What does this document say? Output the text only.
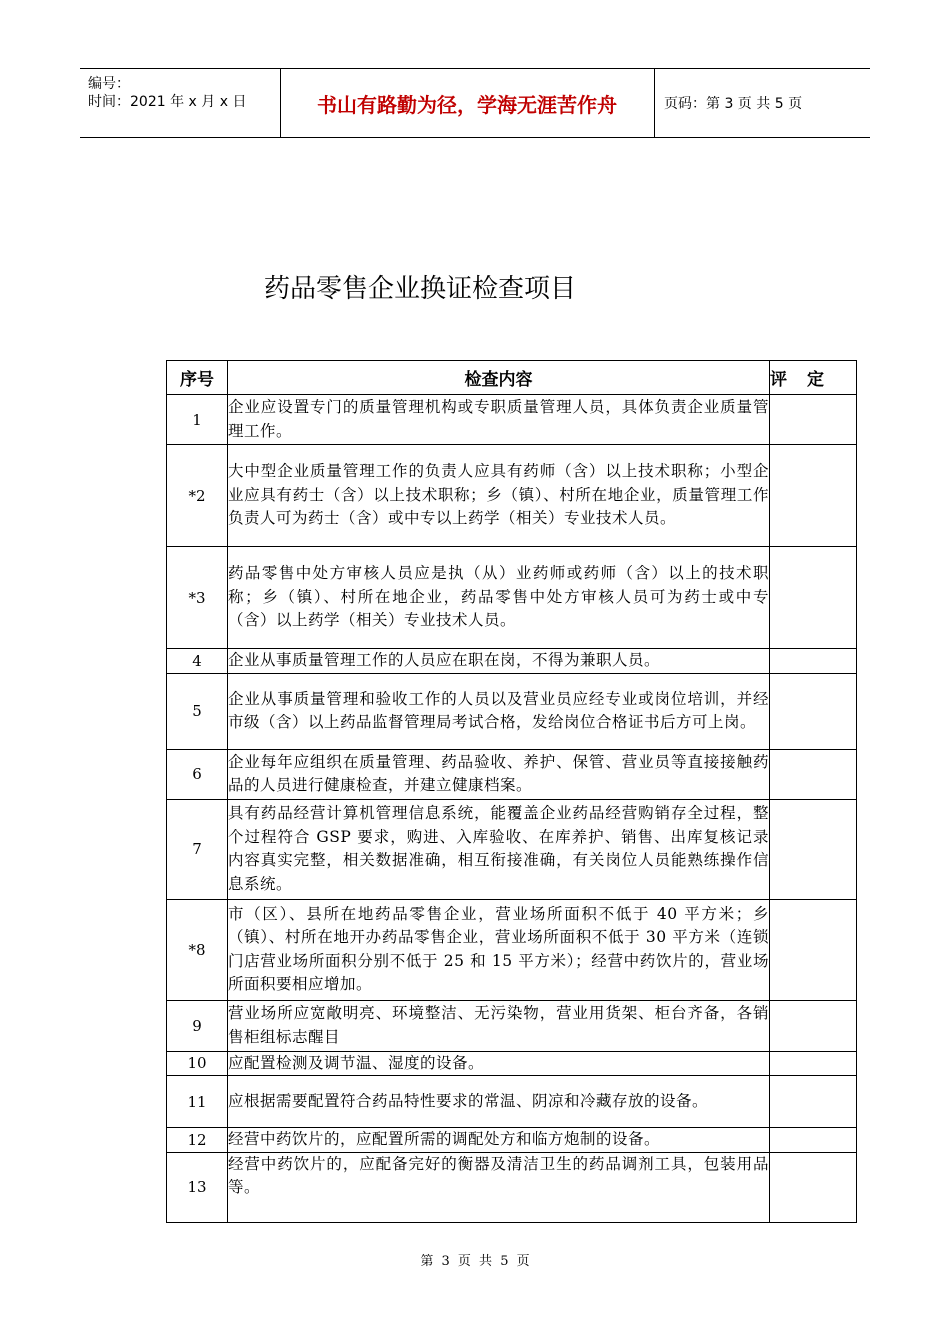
编号：
时间：2021 年 x 月 x 日	书山有路勤为径，学海无涯苦作舟	页码：第 3 页 共 5 页
药品零售企业换证检查项目
序号	检查内容	评定
1	企业应设置专门的质量管理机构或专职质量管理人员，具体负责企业质量管理工作。	
*2	大中型企业质量管理工作的负责人应具有药师（含）以上技术职称；小型企业应具有药士（含）以上技术职称；乡（镇）、村所在地企业，质量管理工作负责人可为药士（含）或中专以上药学（相关）专业技术人员。	
*3	药品零售中处方审核人员应是执（从）业药师或药师（含）以上的技术职称；乡（镇）、村所在地企业，药品零售中处方审核人员可为药士或中专（含）以上药学（相关）专业技术人员。	
4	企业从事质量管理工作的人员应在职在岗，不得为兼职人员。	
5	企业从事质量管理和验收工作的人员以及营业员应经专业或岗位培训，并经市级（含）以上药品监督管理局考试合格，发给岗位合格证书后方可上岗。	
6	企业每年应组织在质量管理、药品验收、养护、保管、营业员等直接接触药品的人员进行健康检查，并建立健康档案。	
7	具有药品经营计算机管理信息系统，能覆盖企业药品经营购销存全过程，整个过程符合 GSP 要求，购进、入库验收、在库养护、销售、出库复核记录内容真实完整，相关数据准确，相互衔接准确，有关岗位人员能熟练操作信息系统。	
*8	市（区）、县所在地药品零售企业，营业场所面积不低于 40 平方米；乡（镇）、村所在地开办药品零售企业，营业场所面积不低于 30 平方米（连锁门店营业场所面积分别不低于 25 和 15 平方米）；经营中药饮片的，营业场所面积要相应增加。	
9	营业场所应宽敞明亮、环境整洁、无污染物，营业用货架、柜台齐备，各销售柜组标志醒目	
10	应配置检测及调节温、湿度的设备。	
11	应根据需要配置符合药品特性要求的常温、阴凉和冷藏存放的设备。	
12	经营中药饮片的，应配置所需的调配处方和临方炮制的设备。	
13	经营中药饮片的，应配备完好的衡器及清洁卫生的药品调剂工具，包装用品等。	
第 3 页 共 5 页
